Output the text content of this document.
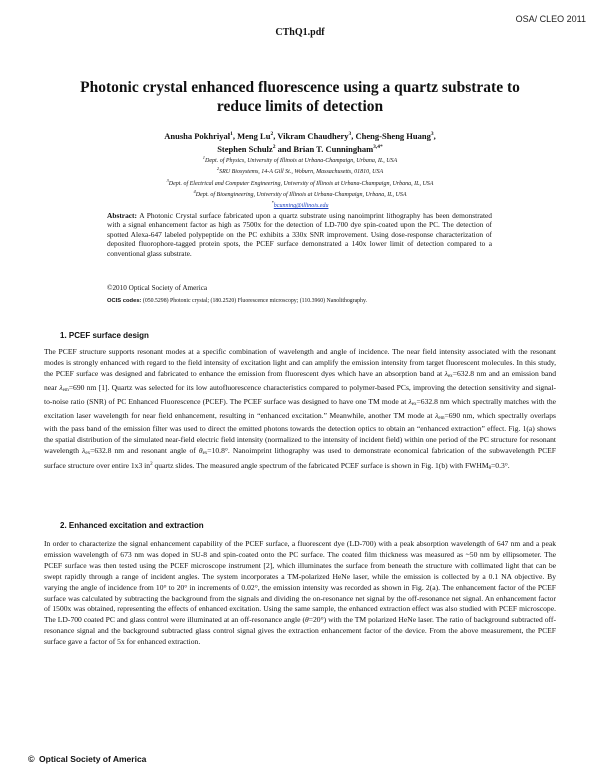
OSA/ CLEO 2011
CThQ1.pdf
Photonic crystal enhanced fluorescence using a quartz substrate to reduce limits of detection
Anusha Pokhriyal$^1$, Meng Lu$^2$, Vikram Chaudhery$^3$, Cheng-Sheng Huang$^3$,
Stephen Schulz$^2$ and Brian T. Cunningham$^{3,4*}$
$^1$Dept. of Physics, University of Illinois at Urbana-Champaign, Urbana, IL, USA
$^2$SRU Biosystems, 14-A Gill St., Woburn, Massachusetts, 01810, USA
$^3$Dept. of Electrical and Computer Engineering, University of Illinois at Urbana-Champaign, Urbana, IL, USA
$^4$Dept. of Bioengineering, University of Illinois at Urbana-Champaign, Urbana, IL, USA
*bcunning@illinois.edu

Abstract: A Photonic Crystal surface fabricated upon a quartz substrate using nanoimprint lithography has been demonstrated with a signal enhancement factor as high as 7500x for the detection of LD-700 dye spin-coated upon the PC. The detection of spotted Alexa-647 labeled polypeptide on the PC exhibits a 330x SNR improvement. Using dose-response characterization of deposited fluorophore-tagged protein spots, the PCEF surface demonstrated a 140x lower limit of detection compared to a conventional glass substrate.

©2010 Optical Society of America
OCIS codes: (050.5298) Photonic crystal; (180.2520) Fluorescence microscopy; (110.3960) Nanolithography.
1. PCEF surface design

The PCEF structure supports resonant modes at a specific combination of wavelength and angle of incidence. The near field intensity associated with the resonant modes is strongly enhanced with regard to the field intensity of excitation light and can amplify the emission intensity from target fluorescent molecules. In this study, the PCEF surface was designed and fabricated to enhance the emission from fluorescent dyes which have an absorption band at $\lambda_{ex}=632.8$ nm and an emission band near $\lambda_{em}=690$ nm [1]. Quartz was selected for its low autofluorescence characteristics compared to polymer-based PCs, improving the detection sensitivity and signal-to-noise ratio (SNR) of PC Enhanced Fluorescence (PCEF). The PCEF surface was designed to have one TM mode at $\lambda_{ex}=632.8$ nm which spectrally matches with the excitation laser wavelength for near field enhancement, resulting in “enhanced excitation.” Meanwhile, another TM mode at $\lambda_{em}=690$ nm, which spectrally overlaps with the pass band of the emission filter was used to direct the emitted photons towards the detection optics to obtain an “enhanced extraction” effect. Fig. 1(a) shows the spatial distribution of the simulated near-field electric field intensity (normalized to the intensity of incident field) within one period of the PC structure for resonant wavelength $\lambda_{ex}=632.8$ nm and resonant angle of $\theta_{ex}=10.8^\circ$. Nanoimprint lithography was used to demonstrate economical fabrication of the subwavelength PCEF surface structure over entire 1x3 $in^2$ quartz slides. The measured angle spectrum of the fabricated PCEF surface is shown in Fig. 1(b) with $FWHM_\theta=0.3^\circ$.

2. Enhanced excitation and extraction

In order to characterize the signal enhancement capability of the PCEF surface, a fluorescent dye (LD-700) with a peak absorption wavelength of 647 nm and a peak emission wavelength of 673 nm was doped in SU-8 and spin-coated onto the PC surface. The coated film thickness was measured as ~50 nm by ellipsometer. The PCEF surface was then tested using the PCEF microscope instrument [2], which illuminates the surface from beneath the structure with collimated light that can be swept rapidly through a range of incident angles. The system incorporates a TM-polarized HeNe laser, while the emission is collected by a 0.1 NA objective. By varying the angle of incidence from 10° to 20° in increments of 0.02°, the emission intensity was recorded as shown in Fig. 2(a). The enhancement factor of the PCEF surface was calculated by subtracting the background from the signals and dividing the on-resonance net signal by the off-resonance net signal. An enhancement factor of 1500x was obtained, representing the effects of enhanced excitation. Using the same sample, the enhanced extraction effect was also studied with PCEF microscope. The LD-700 coated PC and glass control were illuminated at an off-resonance angle (θ=20°) with the TM polarized HeNe laser. The ratio of background subtracted off-resonance signal and the background subtracted glass control signal gives the extraction enhancement factor of the device. From the above measurement, the PCEF surface gave a factor of 5x for enhanced extraction.

© Optical Society of America
